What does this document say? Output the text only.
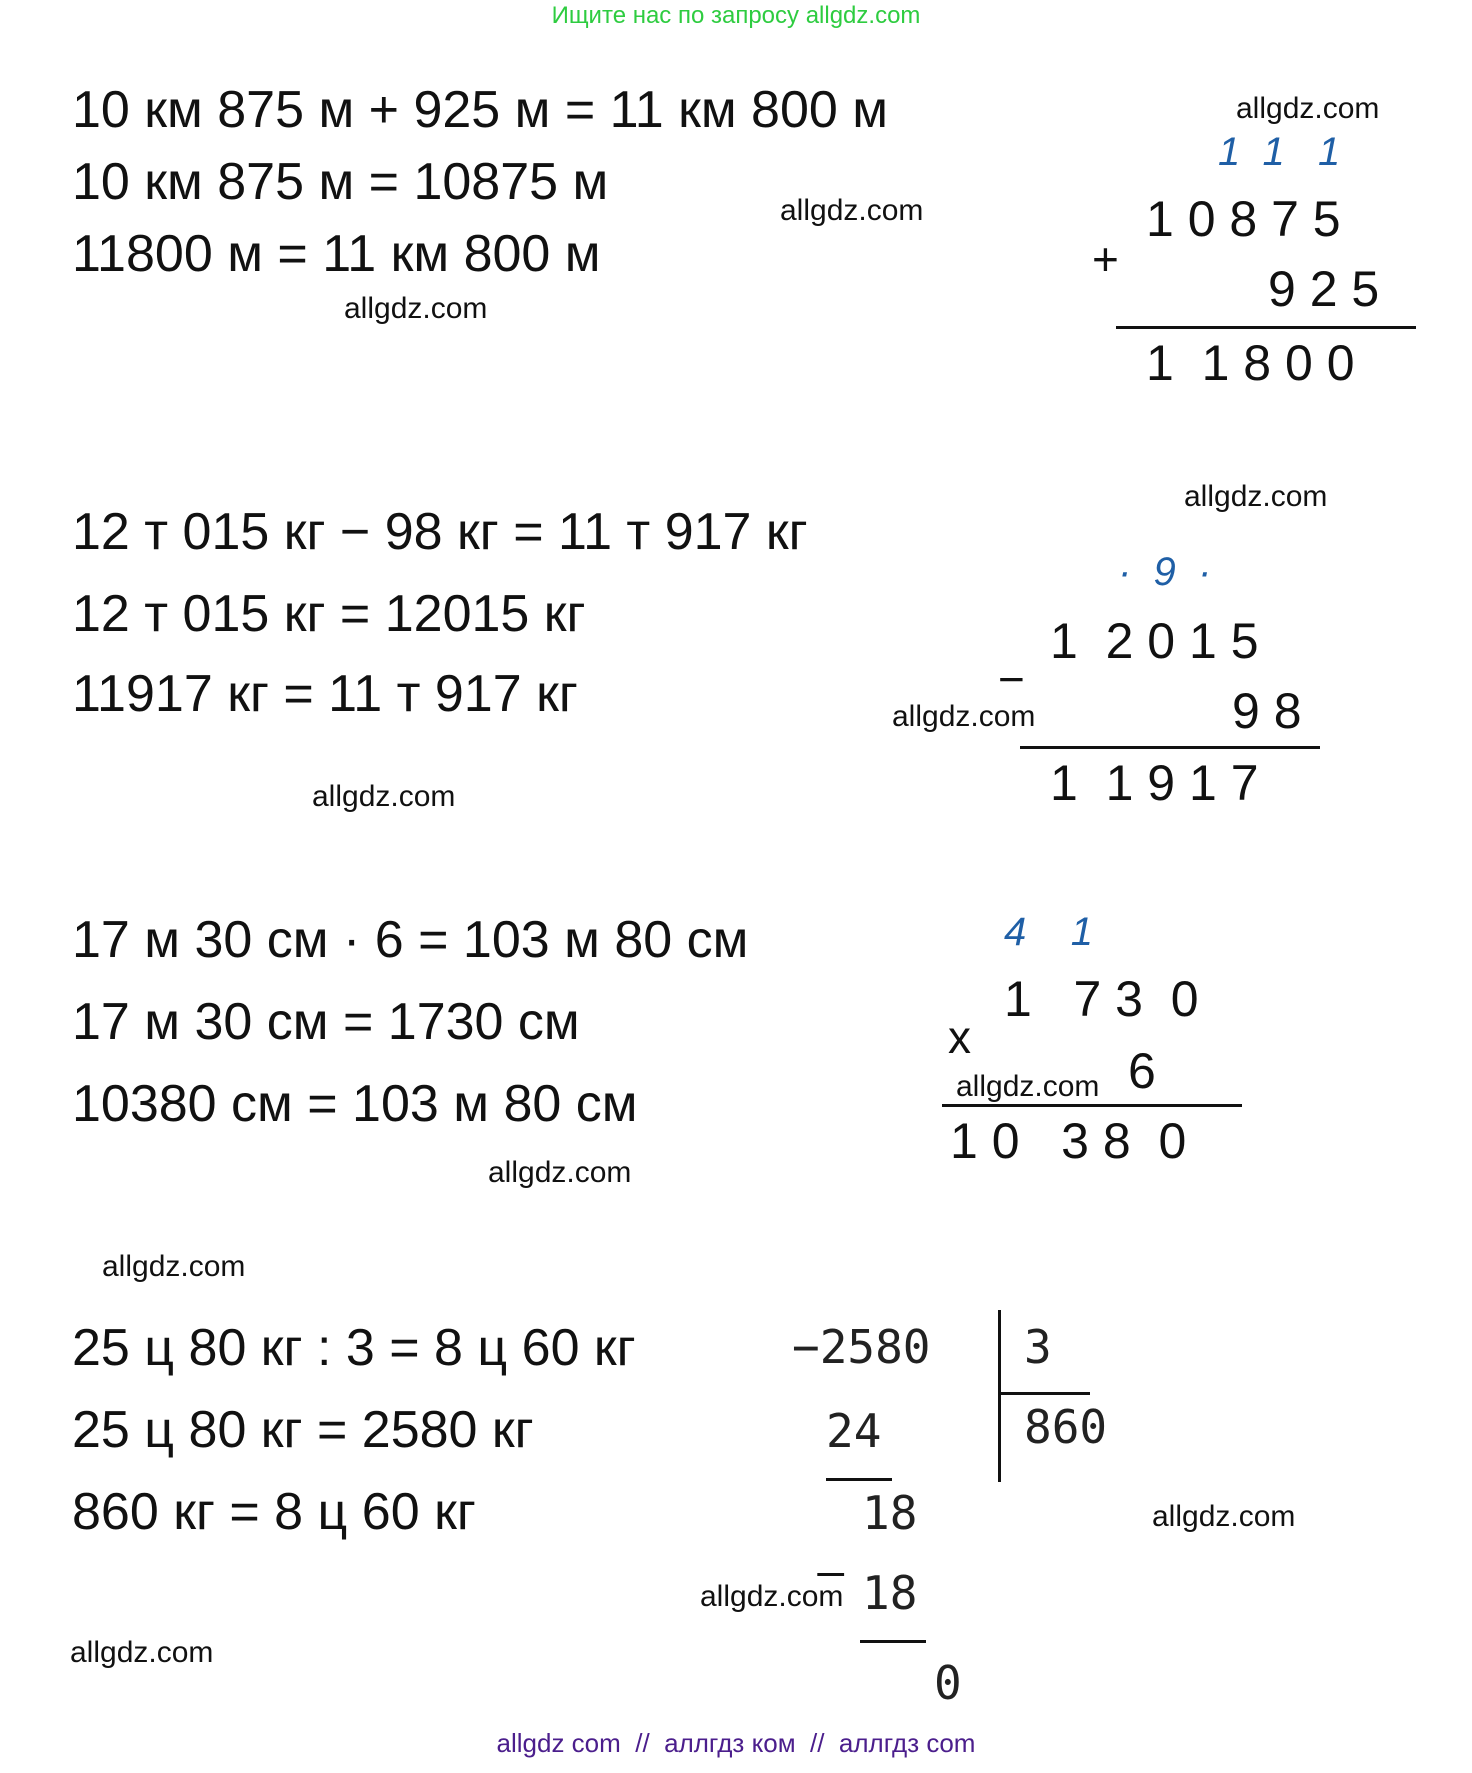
Ищите нас по запросу allgdz.com
10 км 875 м + 925 м = 11 км 800 м
10 км 875 м = 10875 м
11800 м = 11 км 800 м
allgdz.com
allgdz.com
allgdz.com
1  1   1
1 0 8 7 5
+
9 2 5
1  1 8 0 0
12 т 015 кг − 98 кг = 11 т 917 кг
12 т 015 кг = 12015 кг
11917 кг = 11 т 917 кг
allgdz.com
allgdz.com
allgdz.com
·  9  ·
1  2 0 1 5
−
9 8
1  1 9 1 7
17 м 30 см · 6 = 103 м 80 см
17 м 30 см = 1730 см
10380 см = 103 м 80 см
allgdz.com
4    1
1   7 3  0
x
6
allgdz.com
1 0   3 8  0
allgdz.com
25 ц 80 кг : 3 = 8 ц 60 кг
25 ц 80 кг = 2580 кг
860 кг = 8 ц 60 кг
allgdz.com
−2580 3
860
24
18
_
allgdz.com 18
0
allgdz.com
allgdz com  //  аллгдз ком  //  аллгдз com
